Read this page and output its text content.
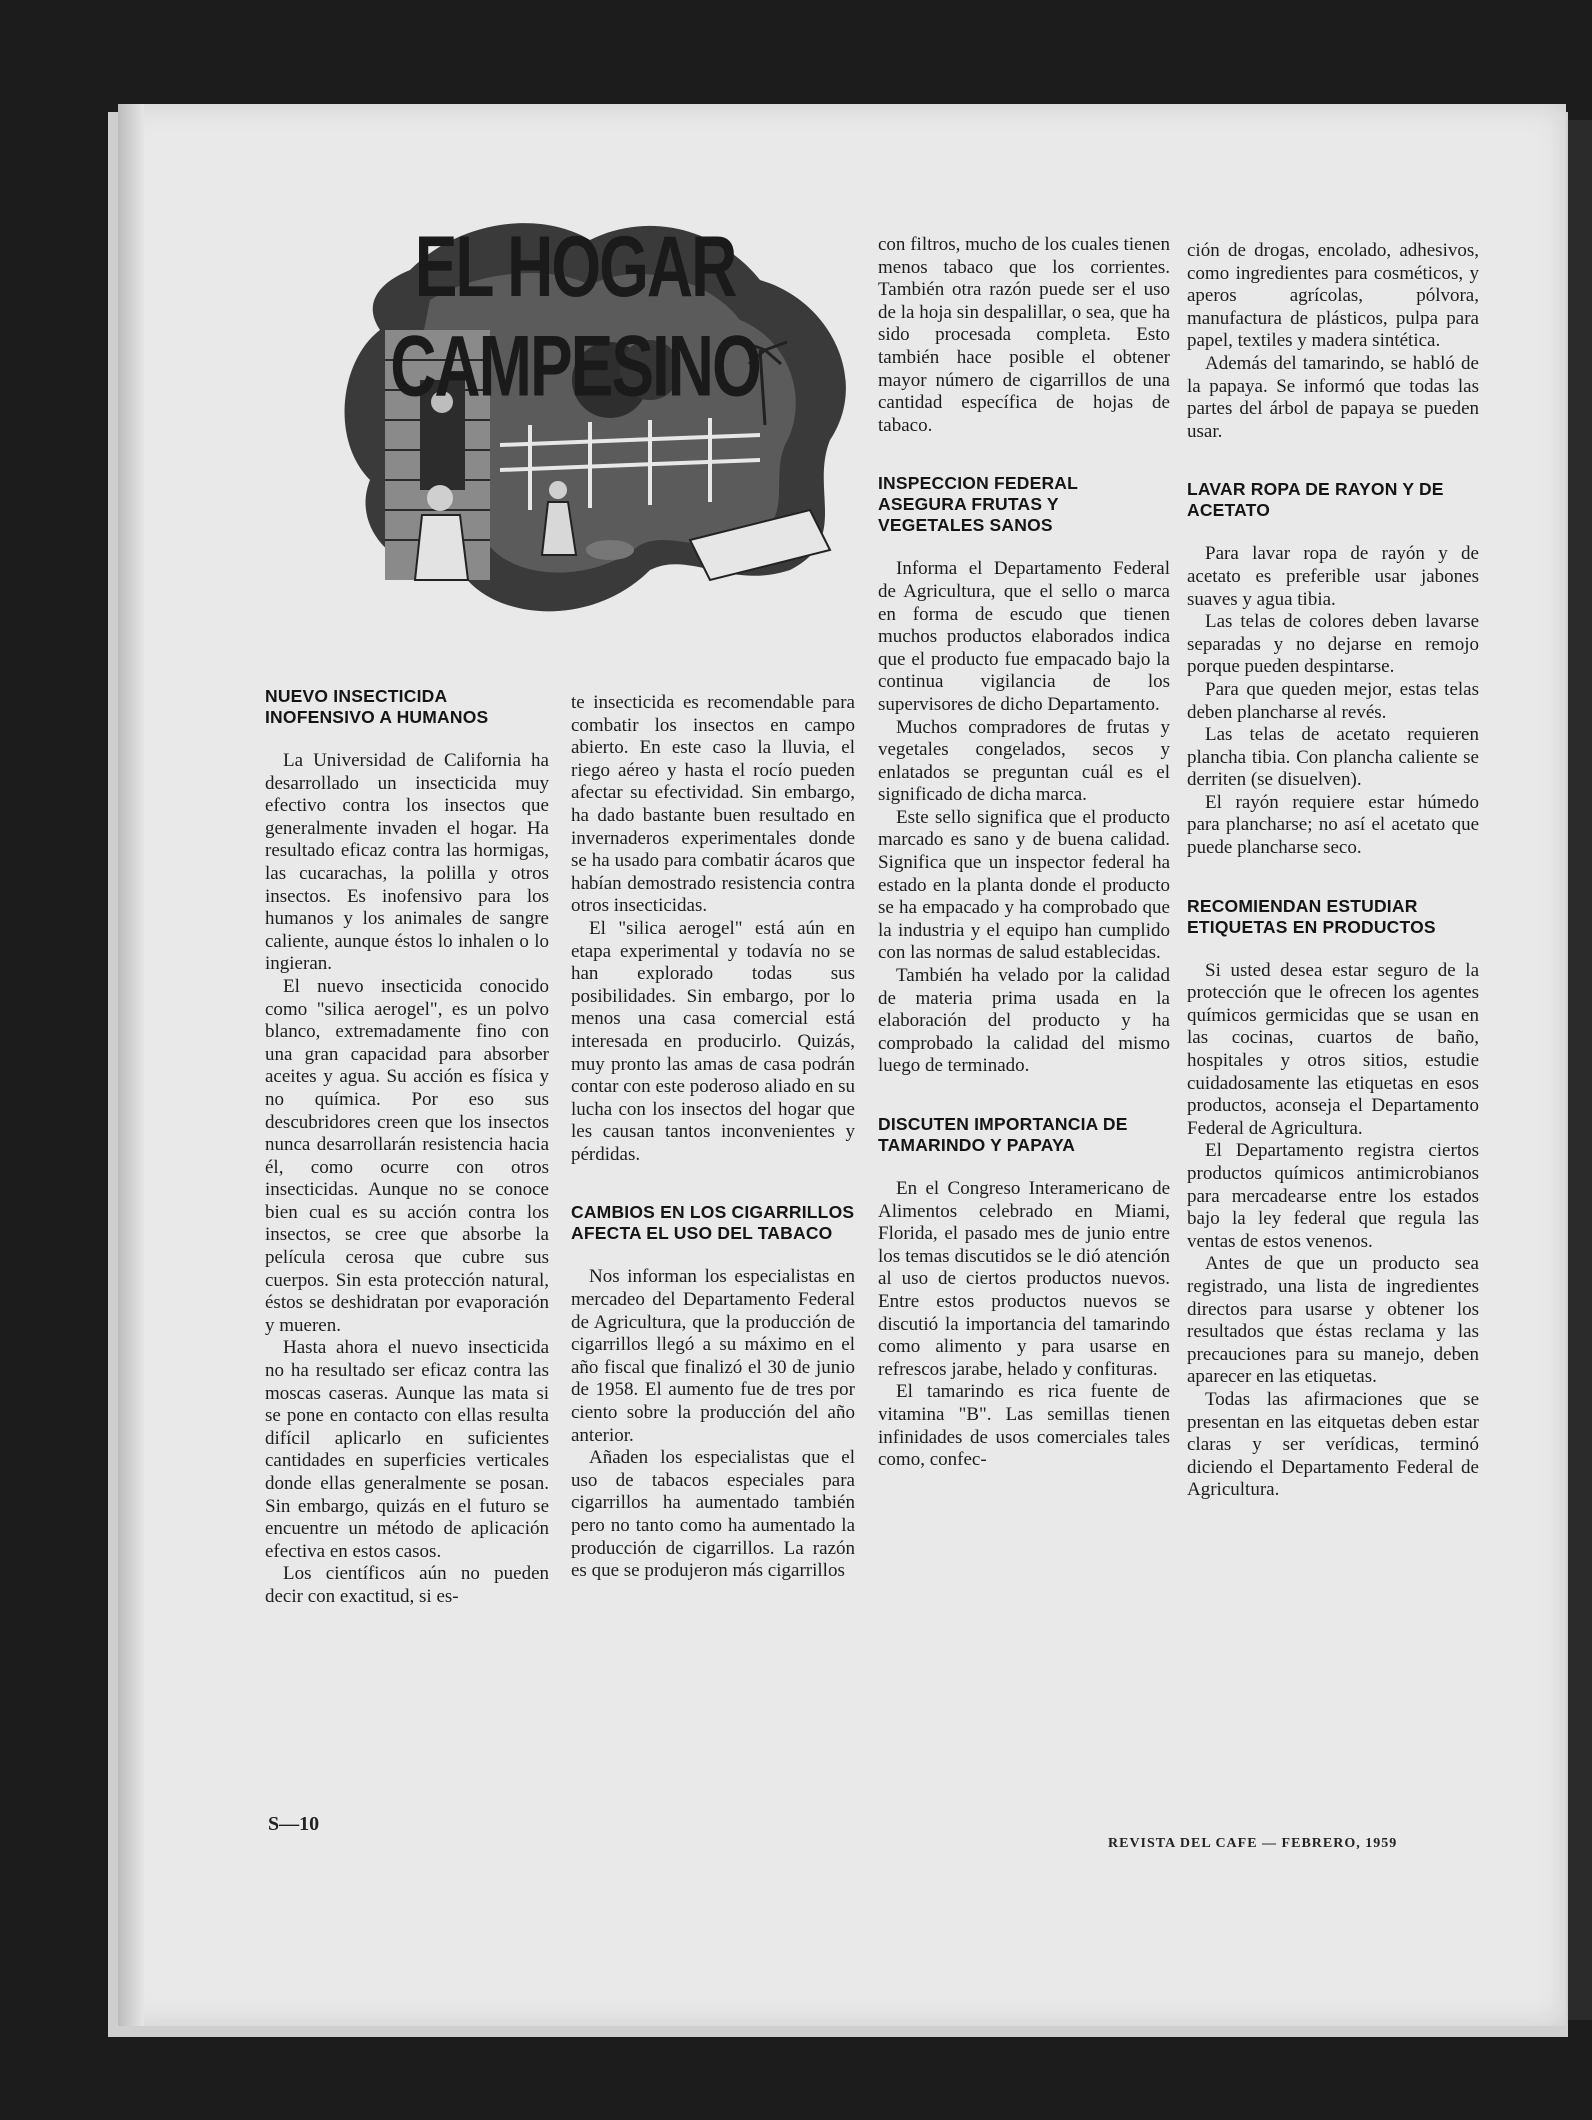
EL HOGAR CAMPESINO
NUEVO INSECTICIDA INOFENSIVO A HUMANOS

La Universidad de California ha desarrollado un insecticida muy efectivo contra los insectos que generalmente invaden el hogar. Ha resultado eficaz contra las hormigas, las cucarachas, la polilla y otros insectos. Es inofensivo para los humanos y los animales de sangre caliente, aunque éstos lo inhalen o lo ingieran.

El nuevo insecticida conocido como "silica aerogel", es un polvo blanco, extremadamente fino con una gran capacidad para absorber aceites y agua. Su acción es física y no química. Por eso sus descubridores creen que los insectos nunca desarrollarán resistencia hacia él, como ocurre con otros insecticidas. Aunque no se conoce bien cual es su acción contra los insectos, se cree que absorbe la película cerosa que cubre sus cuerpos. Sin esta protección natural, éstos se deshidratan por evaporación y mueren.

Hasta ahora el nuevo insecticida no ha resultado ser eficaz contra las moscas caseras. Aunque las mata si se pone en contacto con ellas resulta difícil aplicarlo en suficientes cantidades en superficies verticales donde ellas generalmente se posan. Sin embargo, quizás en el futuro se encuentre un método de aplicación efectiva en estos casos.

Los científicos aún no pueden decir con exactitud, si es-

te insecticida es recomendable para combatir los insectos en campo abierto. En este caso la lluvia, el riego aéreo y hasta el rocío pueden afectar su efectividad. Sin embargo, ha dado bastante buen resultado en invernaderos experimentales donde se ha usado para combatir ácaros que habían demostrado resistencia contra otros insecticidas.

El "silica aerogel" está aún en etapa experimental y todavía no se han explorado todas sus posibilidades. Sin embargo, por lo menos una casa comercial está interesada en producirlo. Quizás, muy pronto las amas de casa podrán contar con este poderoso aliado en su lucha con los insectos del hogar que les causan tantos inconvenientes y pérdidas.

CAMBIOS EN LOS CIGARRILLOS AFECTA EL USO DEL TABACO

Nos informan los especialistas en mercadeo del Departamento Federal de Agricultura, que la producción de cigarrillos llegó a su máximo en el año fiscal que finalizó el 30 de junio de 1958. El aumento fue de tres por ciento sobre la producción del año anterior.

Añaden los especialistas que el uso de tabacos especiales para cigarrillos ha aumentado también pero no tanto como ha aumentado la producción de cigarrillos. La razón es que se produjeron más cigarrillos

con filtros, mucho de los cuales tienen menos tabaco que los corrientes. También otra razón puede ser el uso de la hoja sin despalillar, o sea, que ha sido procesada completa. Esto también hace posible el obtener mayor número de cigarrillos de una cantidad específica de hojas de tabaco.

INSPECCION FEDERAL ASEGURA FRUTAS Y VEGETALES SANOS

Informa el Departamento Federal de Agricultura, que el sello o marca en forma de escudo que tienen muchos productos elaborados indica que el producto fue empacado bajo la continua vigilancia de los supervisores de dicho Departamento.

Muchos compradores de frutas y vegetales congelados, secos y enlatados se preguntan cuál es el significado de dicha marca.

Este sello significa que el producto marcado es sano y de buena calidad. Significa que un inspector federal ha estado en la planta donde el producto se ha empacado y ha comprobado que la industria y el equipo han cumplido con las normas de salud establecidas.

También ha velado por la calidad de materia prima usada en la elaboración del producto y ha comprobado la calidad del mismo luego de terminado.

DISCUTEN IMPORTANCIA DE TAMARINDO Y PAPAYA

En el Congreso Interamericano de Alimentos celebrado en Miami, Florida, el pasado mes de junio entre los temas discutidos se le dió atención al uso de ciertos productos nuevos. Entre estos productos nuevos se discutió la importancia del tamarindo como alimento y para usarse en refrescos jarabe, helado y confituras.

El tamarindo es rica fuente de vitamina "B". Las semillas tienen infinidades de usos comerciales tales como, confec-

ción de drogas, encolado, adhesivos, como ingredientes para cosméticos, y aperos agrícolas, pólvora, manufactura de plásticos, pulpa para papel, textiles y madera sintética.

Además del tamarindo, se habló de la papaya. Se informó que todas las partes del árbol de papaya se pueden usar.

LAVAR ROPA DE RAYON Y DE ACETATO

Para lavar ropa de rayón y de acetato es preferible usar jabones suaves y agua tibia.

Las telas de colores deben lavarse separadas y no dejarse en remojo porque pueden despintarse.

Para que queden mejor, estas telas deben plancharse al revés.

Las telas de acetato requieren plancha tibia. Con plancha caliente se derriten (se disuelven).

El rayón requiere estar húmedo para plancharse; no así el acetato que puede plancharse seco.

RECOMIENDAN ESTUDIAR ETIQUETAS EN PRODUCTOS

Si usted desea estar seguro de la protección que le ofrecen los agentes químicos germicidas que se usan en las cocinas, cuartos de baño, hospitales y otros sitios, estudie cuidadosamente las etiquetas en esos productos, aconseja el Departamento Federal de Agricultura.

El Departamento registra ciertos productos químicos antimicrobianos para mercadearse entre los estados bajo la ley federal que regula las ventas de estos venenos.

Antes de que un producto sea registrado, una lista de ingredientes directos para usarse y obtener los resultados que éstas reclama y las precauciones para su manejo, deben aparecer en las etiquetas.

Todas las afirmaciones que se presentan en las eitquetas deben estar claras y ser verídicas, terminó diciendo el Departamento Federal de Agricultura.

S—10
REVISTA DEL CAFE — FEBRERO, 1959
